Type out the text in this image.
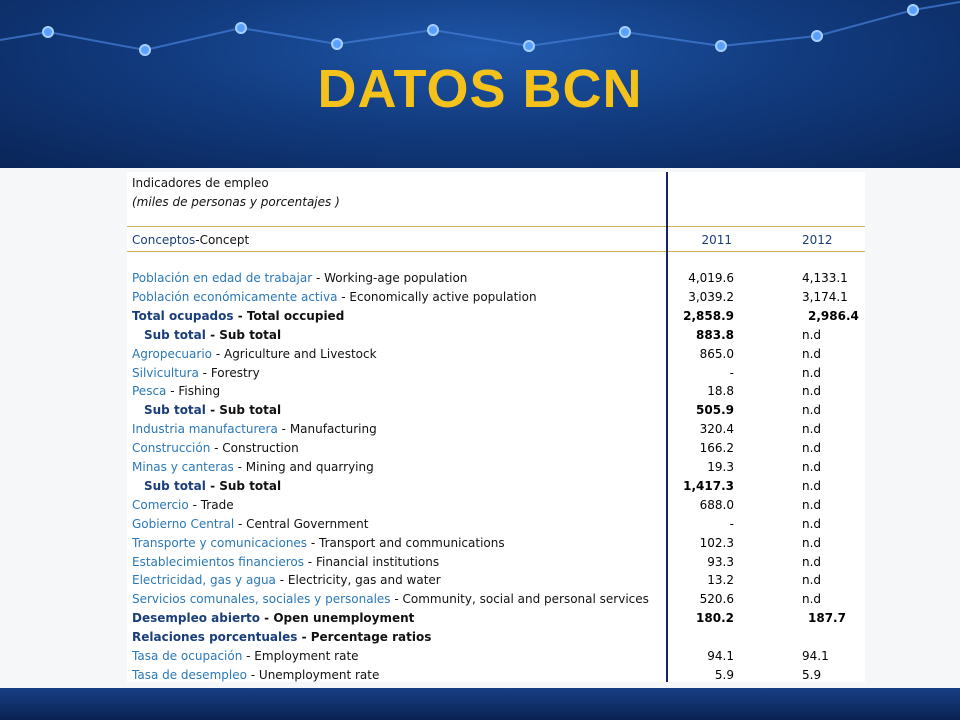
DATOS BCN
Indicadores de empleo
(miles de personas y porcentajes )
Conceptos-Concept	2011	2012
Población en edad de trabajar - Working-age population	4,019.6	4,133.1
Población económicamente activa - Economically active population	3,039.2	3,174.1
Total ocupados - Total occupied	2,858.9	2,986.4
Sub total - Sub total	883.8	n.d
Agropecuario - Agriculture and Livestock	865.0	n.d
Silvicultura - Forestry	-	n.d
Pesca - Fishing	18.8	n.d
Sub total - Sub total	505.9	n.d
Industria manufacturera - Manufacturing	320.4	n.d
Construcción - Construction	166.2	n.d
Minas y canteras - Mining and quarrying	19.3	n.d
Sub total - Sub total	1,417.3	n.d
Comercio - Trade	688.0	n.d
Gobierno Central - Central Government	-	n.d
Transporte y comunicaciones - Transport and communications	102.3	n.d
Establecimientos financieros - Financial institutions	93.3	n.d
Electricidad, gas y agua - Electricity, gas and water	13.2	n.d
Servicios comunales, sociales y personales - Community, social and personal services	520.6	n.d
Desempleo abierto - Open unemployment	180.2	187.7
Relaciones porcentuales - Percentage ratios
Tasa de ocupación - Employment rate	94.1	94.1
Tasa de desempleo - Unemployment rate	5.9	5.9
